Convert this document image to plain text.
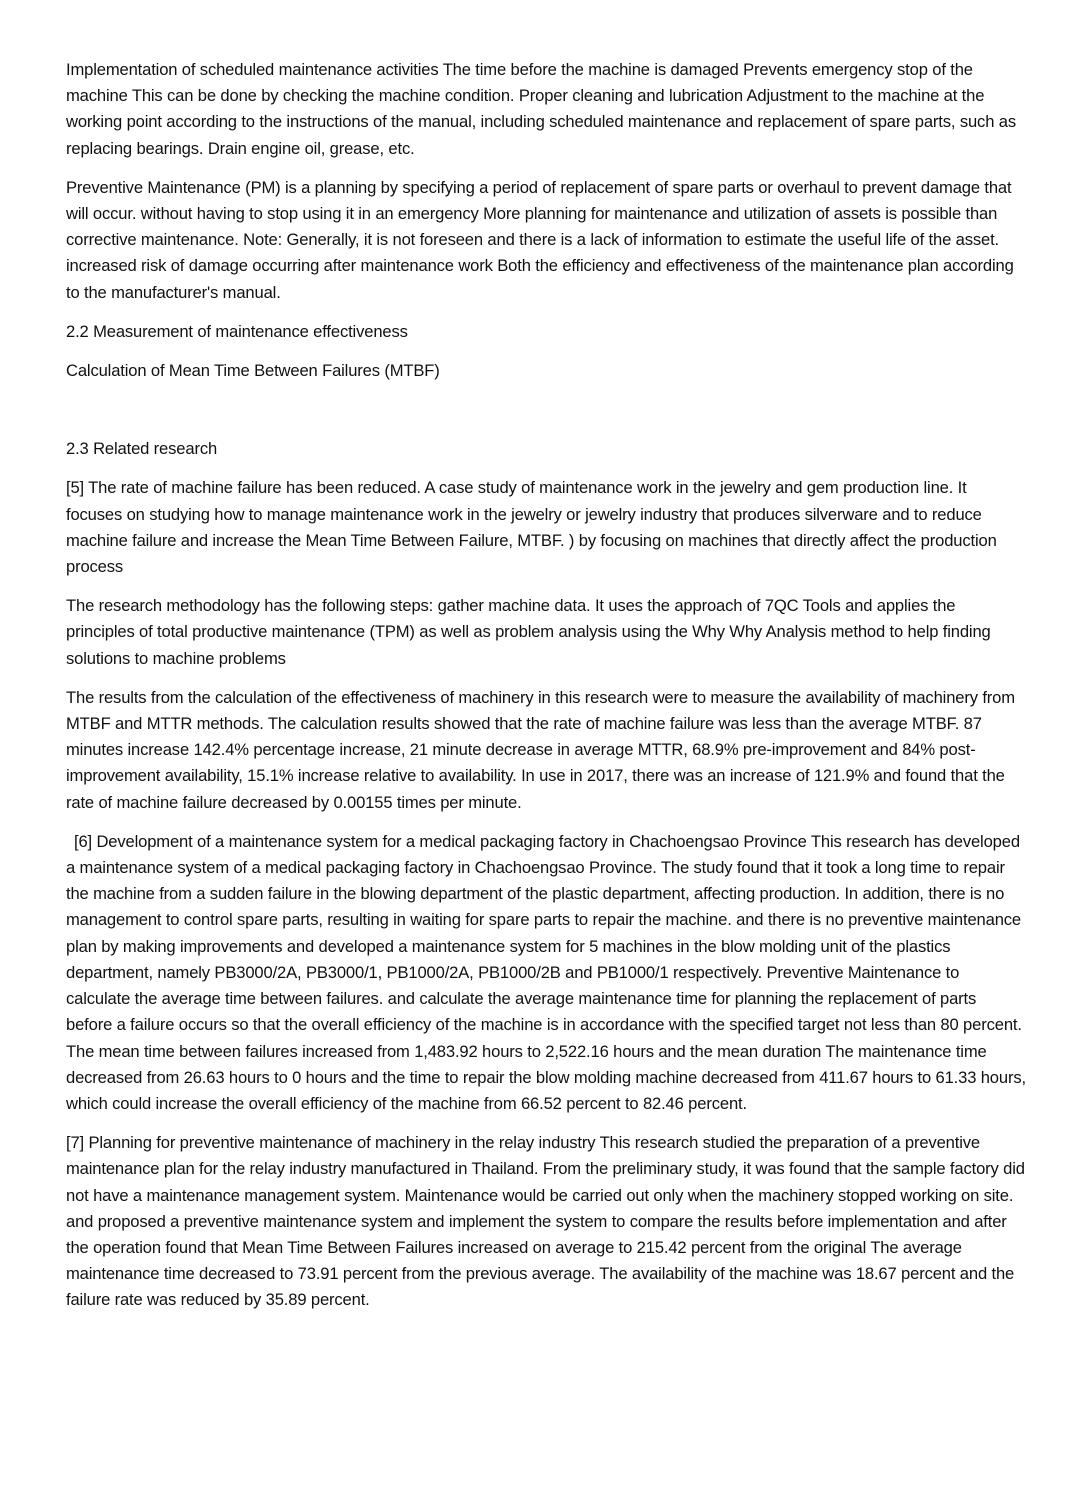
Implementation of scheduled maintenance activities The time before the machine is damaged Prevents emergency stop of the machine This can be done by checking the machine condition. Proper cleaning and lubrication Adjustment to the machine at the working point according to the instructions of the manual, including scheduled maintenance and replacement of spare parts, such as replacing bearings. Drain engine oil, grease, etc.

Preventive Maintenance (PM) is a planning by specifying a period of replacement of spare parts or overhaul to prevent damage that will occur. without having to stop using it in an emergency More planning for maintenance and utilization of assets is possible than corrective maintenance. Note: Generally, it is not foreseen and there is a lack of information to estimate the useful life of the asset. increased risk of damage occurring after maintenance work Both the efficiency and effectiveness of the maintenance plan according to the manufacturer's manual.

2.2 Measurement of maintenance effectiveness

Calculation of Mean Time Between Failures (MTBF)

2.3 Related research

[5] The rate of machine failure has been reduced. A case study of maintenance work in the jewelry and gem production line. It focuses on studying how to manage maintenance work in the jewelry or jewelry industry that produces silverware and to reduce machine failure and increase the Mean Time Between Failure, MTBF. ) by focusing on machines that directly affect the production process

The research methodology has the following steps: gather machine data. It uses the approach of 7QC Tools and applies the principles of total productive maintenance (TPM) as well as problem analysis using the Why Why Analysis method to help finding solutions to machine problems

The results from the calculation of the effectiveness of machinery in this research were to measure the availability of machinery from MTBF and MTTR methods. The calculation results showed that the rate of machine failure was less than the average MTBF. 87 minutes increase 142.4% percentage increase, 21 minute decrease in average MTTR, 68.9% pre-improvement and 84% post-improvement availability, 15.1% increase relative to availability. In use in 2017, there was an increase of 121.9% and found that the rate of machine failure decreased by 0.00155 times per minute.

[6] Development of a maintenance system for a medical packaging factory in Chachoengsao Province This research has developed a maintenance system of a medical packaging factory in Chachoengsao Province. The study found that it took a long time to repair the machine from a sudden failure in the blowing department of the plastic department, affecting production. In addition, there is no management to control spare parts, resulting in waiting for spare parts to repair the machine. and there is no preventive maintenance plan by making improvements and developed a maintenance system for 5 machines in the blow molding unit of the plastics department, namely PB3000/2A, PB3000/1, PB1000/2A, PB1000/2B and PB1000/1 respectively. Preventive Maintenance to calculate the average time between failures. and calculate the average maintenance time for planning the replacement of parts before a failure occurs so that the overall efficiency of the machine is in accordance with the specified target not less than 80 percent. The mean time between failures increased from 1,483.92 hours to 2,522.16 hours and the mean duration The maintenance time decreased from 26.63 hours to 0 hours and the time to repair the blow molding machine decreased from 411.67 hours to 61.33 hours, which could increase the overall efficiency of the machine from 66.52 percent to 82.46 percent.

[7] Planning for preventive maintenance of machinery in the relay industry This research studied the preparation of a preventive maintenance plan for the relay industry manufactured in Thailand. From the preliminary study, it was found that the sample factory did not have a maintenance management system. Maintenance would be carried out only when the machinery stopped working on site. and proposed a preventive maintenance system and implement the system to compare the results before implementation and after the operation found that Mean Time Between Failures increased on average to 215.42 percent from the original The average maintenance time decreased to 73.91 percent from the previous average. The availability of the machine was 18.67 percent and the failure rate was reduced by 35.89 percent.
